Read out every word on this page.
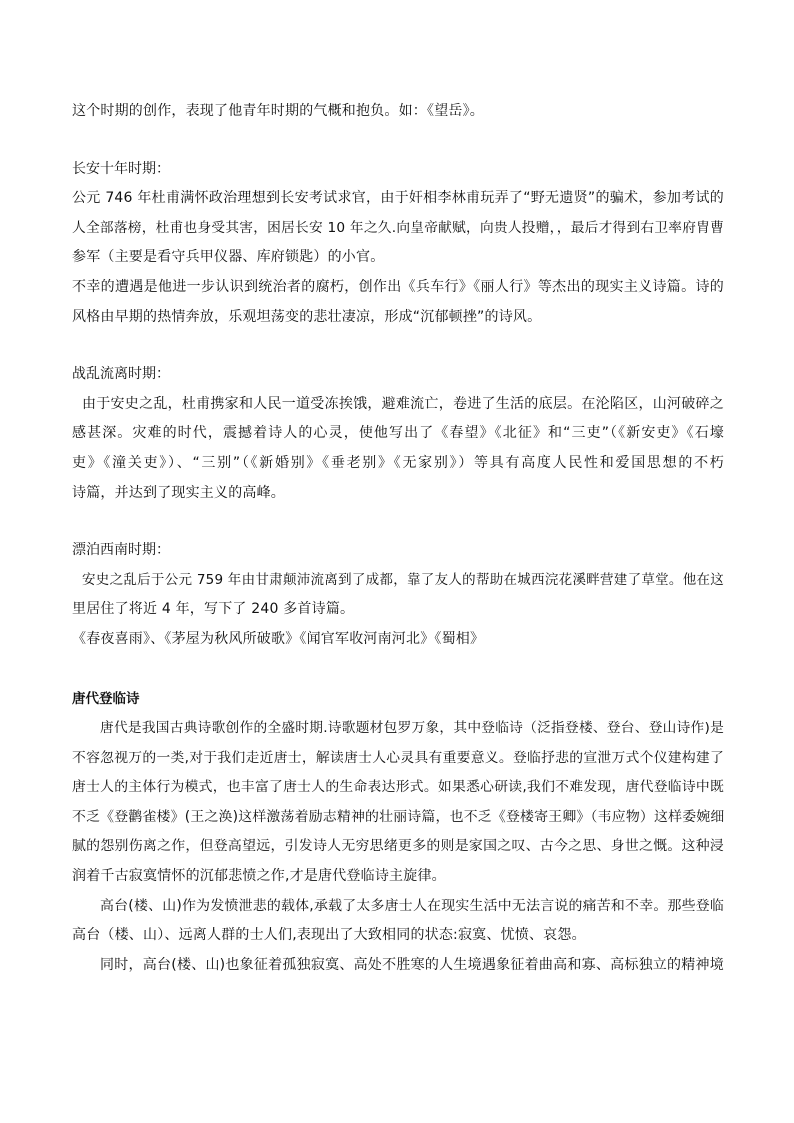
这个时期的创作，表现了他青年时期的气概和抱负。如：《望岳》。
长安十年时期：
公元 746 年杜甫满怀政治理想到长安考试求官，由于奸相李林甫玩弄了“野无遗贤”的骗术，参加考试的
人全部落榜，杜甫也身受其害，困居长安 10 年之久.向皇帝献赋，向贵人投赠，，最后才得到右卫率府胄曹
参军（主要是看守兵甲仪器、库府锁匙）的小官。
不幸的遭遇是他进一步认识到统治者的腐朽，创作出《兵车行》《丽人行》等杰出的现实主义诗篇。诗的
风格由早期的热情奔放，乐观坦荡变的悲壮凄凉，形成“沉郁顿挫”的诗风。
战乱流离时期：
由于安史之乱，杜甫携家和人民一道受冻挨饿，避难流亡，卷进了生活的底层。在沦陷区，山河破碎之
感甚深。灾难的时代，震撼着诗人的心灵，使他写出了《春望》《北征》和“三吏”（《新安吏》《石壕
吏》《潼关吏》）、“三别”（《新婚别》《垂老别》《无家别》）等具有高度人民性和爱国思想的不朽
诗篇，并达到了现实主义的高峰。
漂泊西南时期：
安史之乱后于公元 759 年由甘肃颠沛流离到了成都，靠了友人的帮助在城西浣花溪畔营建了草堂。他在这
里居住了将近 4 年，写下了 240 多首诗篇。
《春夜喜雨》、《茅屋为秋风所破歌》《闻官军收河南河北》《蜀相》
唐代登临诗
唐代是我国古典诗歌创作的全盛时期.诗歌题材包罗万象，其中登临诗（泛指登楼、登台、登山诗作)是
不容忽视万的一类,对于我们走近唐士，解读唐士人心灵具有重要意义。登临抒悲的宣泄万式个仪建构建了
唐士人的主体行为模式，也丰富了唐士人的生命表达形式。如果悉心研读,我们不难发现，唐代登临诗中既
不乏《登鹳雀楼》(王之涣)这样激荡着励志精神的壮丽诗篇，也不乏《登楼寄王卿》（韦应物）这样委婉细
腻的怨别伤离之作，但登高望远，引发诗人无穷思绪更多的则是家国之叹、古今之思、身世之慨。这种浸
润着千古寂寞情怀的沉郁悲愤之作,才是唐代登临诗主旋律。
高台(楼、山)作为发愤泄悲的载体,承载了太多唐士人在现实生活中无法言说的痛苦和不幸。那些登临
高台（楼、山）、远离人群的士人们,表现出了大致相同的状态:寂寞、忧愤、哀怨。
同时，高台(楼、山)也象征着孤独寂寞、高处不胜寒的人生境遇象征着曲高和寡、高标独立的精神境
